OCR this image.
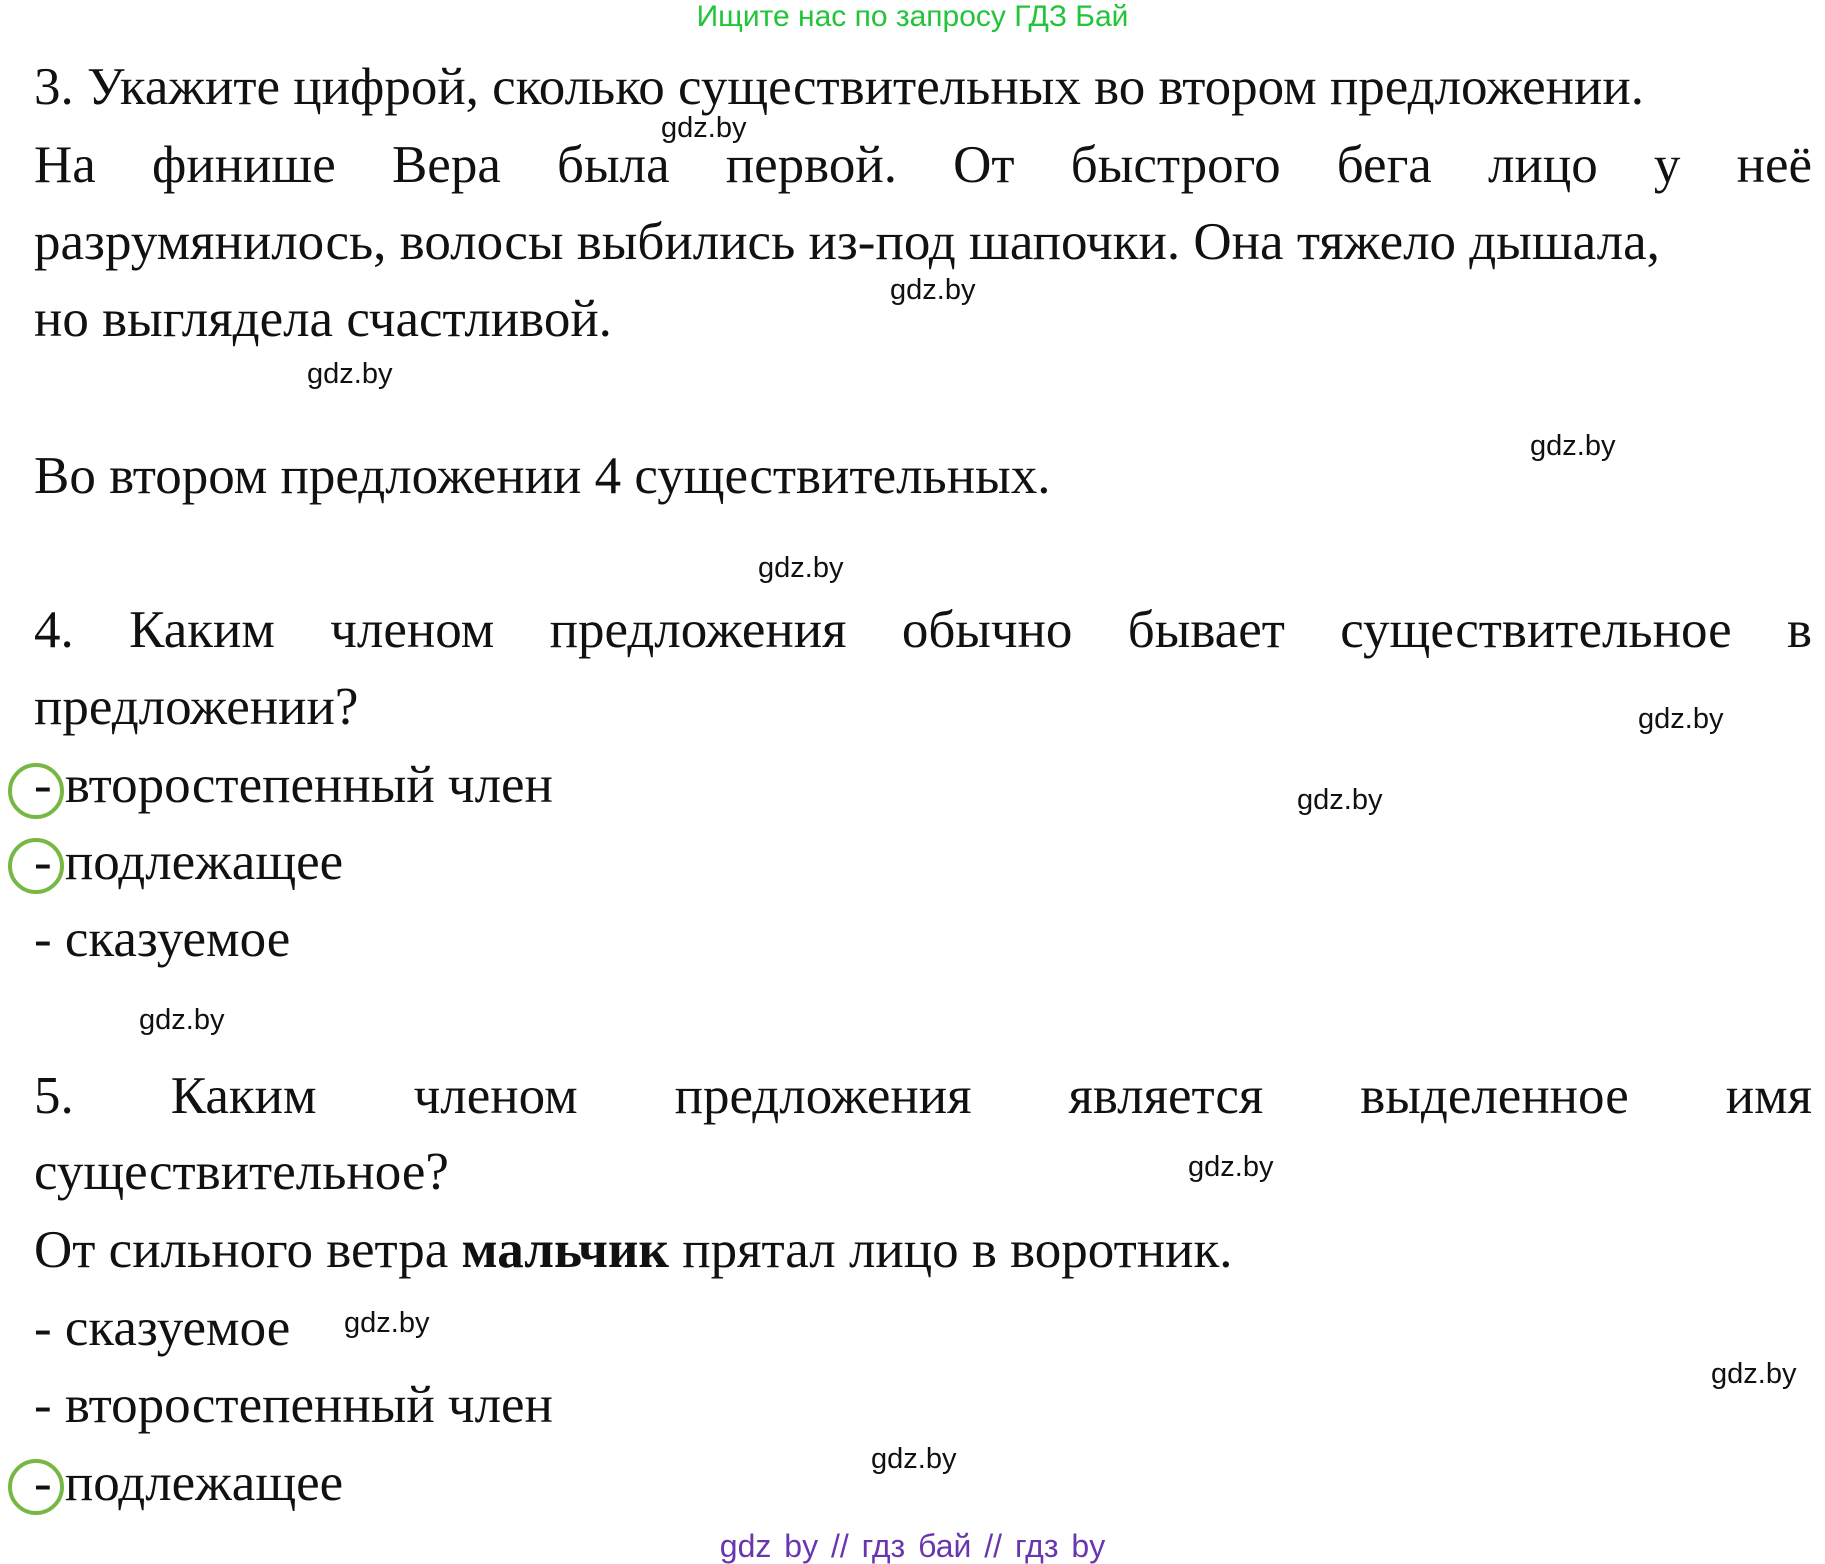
Ищите нас по запросу ГДЗ Бай
3. Укажите цифрой, сколько существительных во втором предложении.
На финише Вера была первой. От быстрого бега лицо у неё
разрумянилось, волосы выбились из-под шапочки. Она тяжело дышала,
но выглядела счастливой.
Во втором предложении 4 существительных.
4. Каким членом предложения обычно бывает существительное в
предложении?
- второстепенный член
- подлежащее
- сказуемое
5. Каким членом предложения является выделенное имя
существительное?
От сильного ветра мальчик прятал лицо в воротник.
- сказуемое
- второстепенный член
- подлежащее
gdz.by
gdz.by
gdz.by
gdz.by
gdz.by
gdz.by
gdz.by
gdz.by
gdz.by
gdz.by
gdz.by
gdz.by
gdz by // гдз бай // гдз by
